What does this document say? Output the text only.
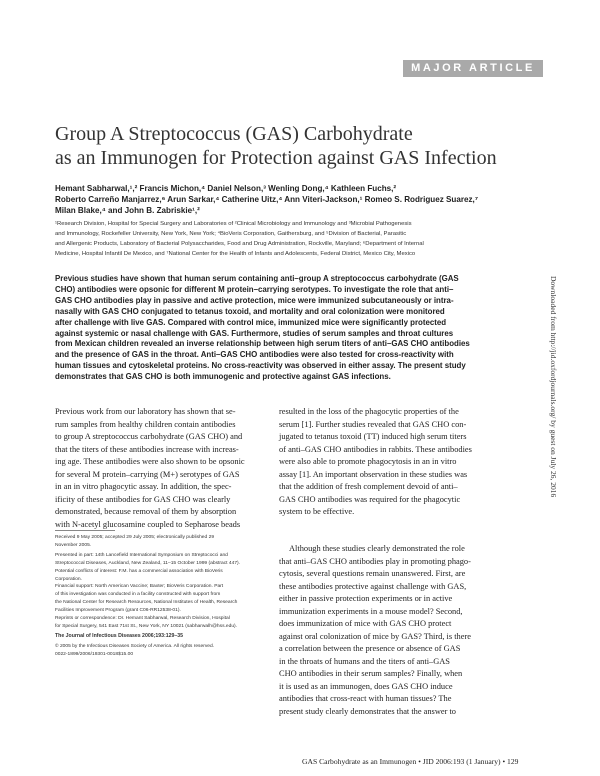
MAJOR ARTICLE
Group A Streptococcus (GAS) Carbohydrate
as an Immunogen for Protection against GAS Infection
Hemant Sabharwal,¹,² Francis Michon,⁴ Daniel Nelson,³ Wenling Dong,⁴ Kathleen Fuchs,²
Roberto Carreño Manjarrez,⁶ Arun Sarkar,⁴ Catherine Uitz,⁴ Ann Viteri-Jackson,¹ Romeo S. Rodriguez Suarez,⁷
Milan Blake,⁴ and John B. Zabriskie¹,²
¹Research Division, Hospital for Special Surgery and Laboratories of ²Clinical Microbiology and Immunology and ³Microbial Pathogenesis
and Immunology, Rockefeller University, New York, New York; ⁴BioVeris Corporation, Gaithersburg, and ⁵Division of Bacterial, Parasitic
and Allergenic Products, Laboratory of Bacterial Polysaccharides, Food and Drug Administration, Rockville, Maryland; ⁶Department of Internal
Medicine, Hospital Infantil De Mexico, and ⁷National Center for the Health of Infants and Adolescents, Federal District, Mexico City, Mexico
Previous studies have shown that human serum containing anti–group A streptococcus carbohydrate (GAS
CHO) antibodies were opsonic for different M protein–carrying serotypes. To investigate the role that anti–
GAS CHO antibodies play in passive and active protection, mice were immunized subcutaneously or intra-
nasally with GAS CHO conjugated to tetanus toxoid, and mortality and oral colonization were monitored
after challenge with live GAS. Compared with control mice, immunized mice were significantly protected
against systemic or nasal challenge with GAS. Furthermore, studies of serum samples and throat cultures
from Mexican children revealed an inverse relationship between high serum titers of anti–GAS CHO antibodies
and the presence of GAS in the throat. Anti–GAS CHO antibodies were also tested for cross-reactivity with
human tissues and cytoskeletal proteins. No cross-reactivity was observed in either assay. The present study
demonstrates that GAS CHO is both immunogenic and protective against GAS infections.
Previous work from our laboratory has shown that se-
rum samples from healthy children contain antibodies
to group A streptococcus carbohydrate (GAS CHO) and
that the titers of these antibodies increase with increas-
ing age. These antibodies were also shown to be opsonic
for several M protein–carrying (M+) serotypes of GAS
in an in vitro phagocytic assay. In addition, the spec-
ificity of these antibodies for GAS CHO was clearly
demonstrated, because removal of them by absorption
with N-acetyl glucosamine coupled to Sepharose beads
Received 9 May 2005; accepted 29 July 2005; electronically published 29
November 2005.
Presented in part: 14th Lancefield International Symposium on Streptococci and
Streptococcal Diseases, Auckland, New Zealand, 11–15 October 1999 (abstract 447).
Potential conflicts of interest: F.M. has a commercial association with BioVeris
Corporation.
Financial support: North American Vaccine; Baxter; BioVeris Corporation. Part
of this investigation was conducted in a facility constructed with support from
the National Center for Research Resources, National Institutes of Health, Research
Facilities Improvement Program (grant C06-RR12538-01).
Reprints or correspondence: Dr. Hemant Sabharwal, Research Division, Hospital
for Special Surgery, 541 East 71st St., New York, NY 10021 (sabharwalh@hss.edu).
The Journal of Infectious Diseases 2006;193:129–35
© 2005 by the Infectious Diseases Society of America. All rights reserved.
0022-1899/2006/19301-0018$15.00
resulted in the loss of the phagocytic properties of the
serum [1]. Further studies revealed that GAS CHO con-
jugated to tetanus toxoid (TT) induced high serum titers
of anti–GAS CHO antibodies in rabbits. These antibodies
were also able to promote phagocytosis in an in vitro
assay [1]. An important observation in these studies was
that the addition of fresh complement devoid of anti–
GAS CHO antibodies was required for the phagocytic
system to be effective.
Although these studies clearly demonstrated the role
that anti–GAS CHO antibodies play in promoting phago-
cytosis, several questions remain unanswered. First, are
these antibodies protective against challenge with GAS,
either in passive protection experiments or in active
immunization experiments in a mouse model? Second,
does immunization of mice with GAS CHO protect
against oral colonization of mice by GAS? Third, is there
a correlation between the presence or absence of GAS
in the throats of humans and the titers of anti–GAS
CHO antibodies in their serum samples? Finally, when
it is used as an immunogen, does GAS CHO induce
antibodies that cross-react with human tissues? The
present study clearly demonstrates that the answer to
Downloaded from http://jid.oxfordjournals.org/ by guest on July 26, 2016
GAS Carbohydrate as an Immunogen • JID 2006:193 (1 January) • 129
